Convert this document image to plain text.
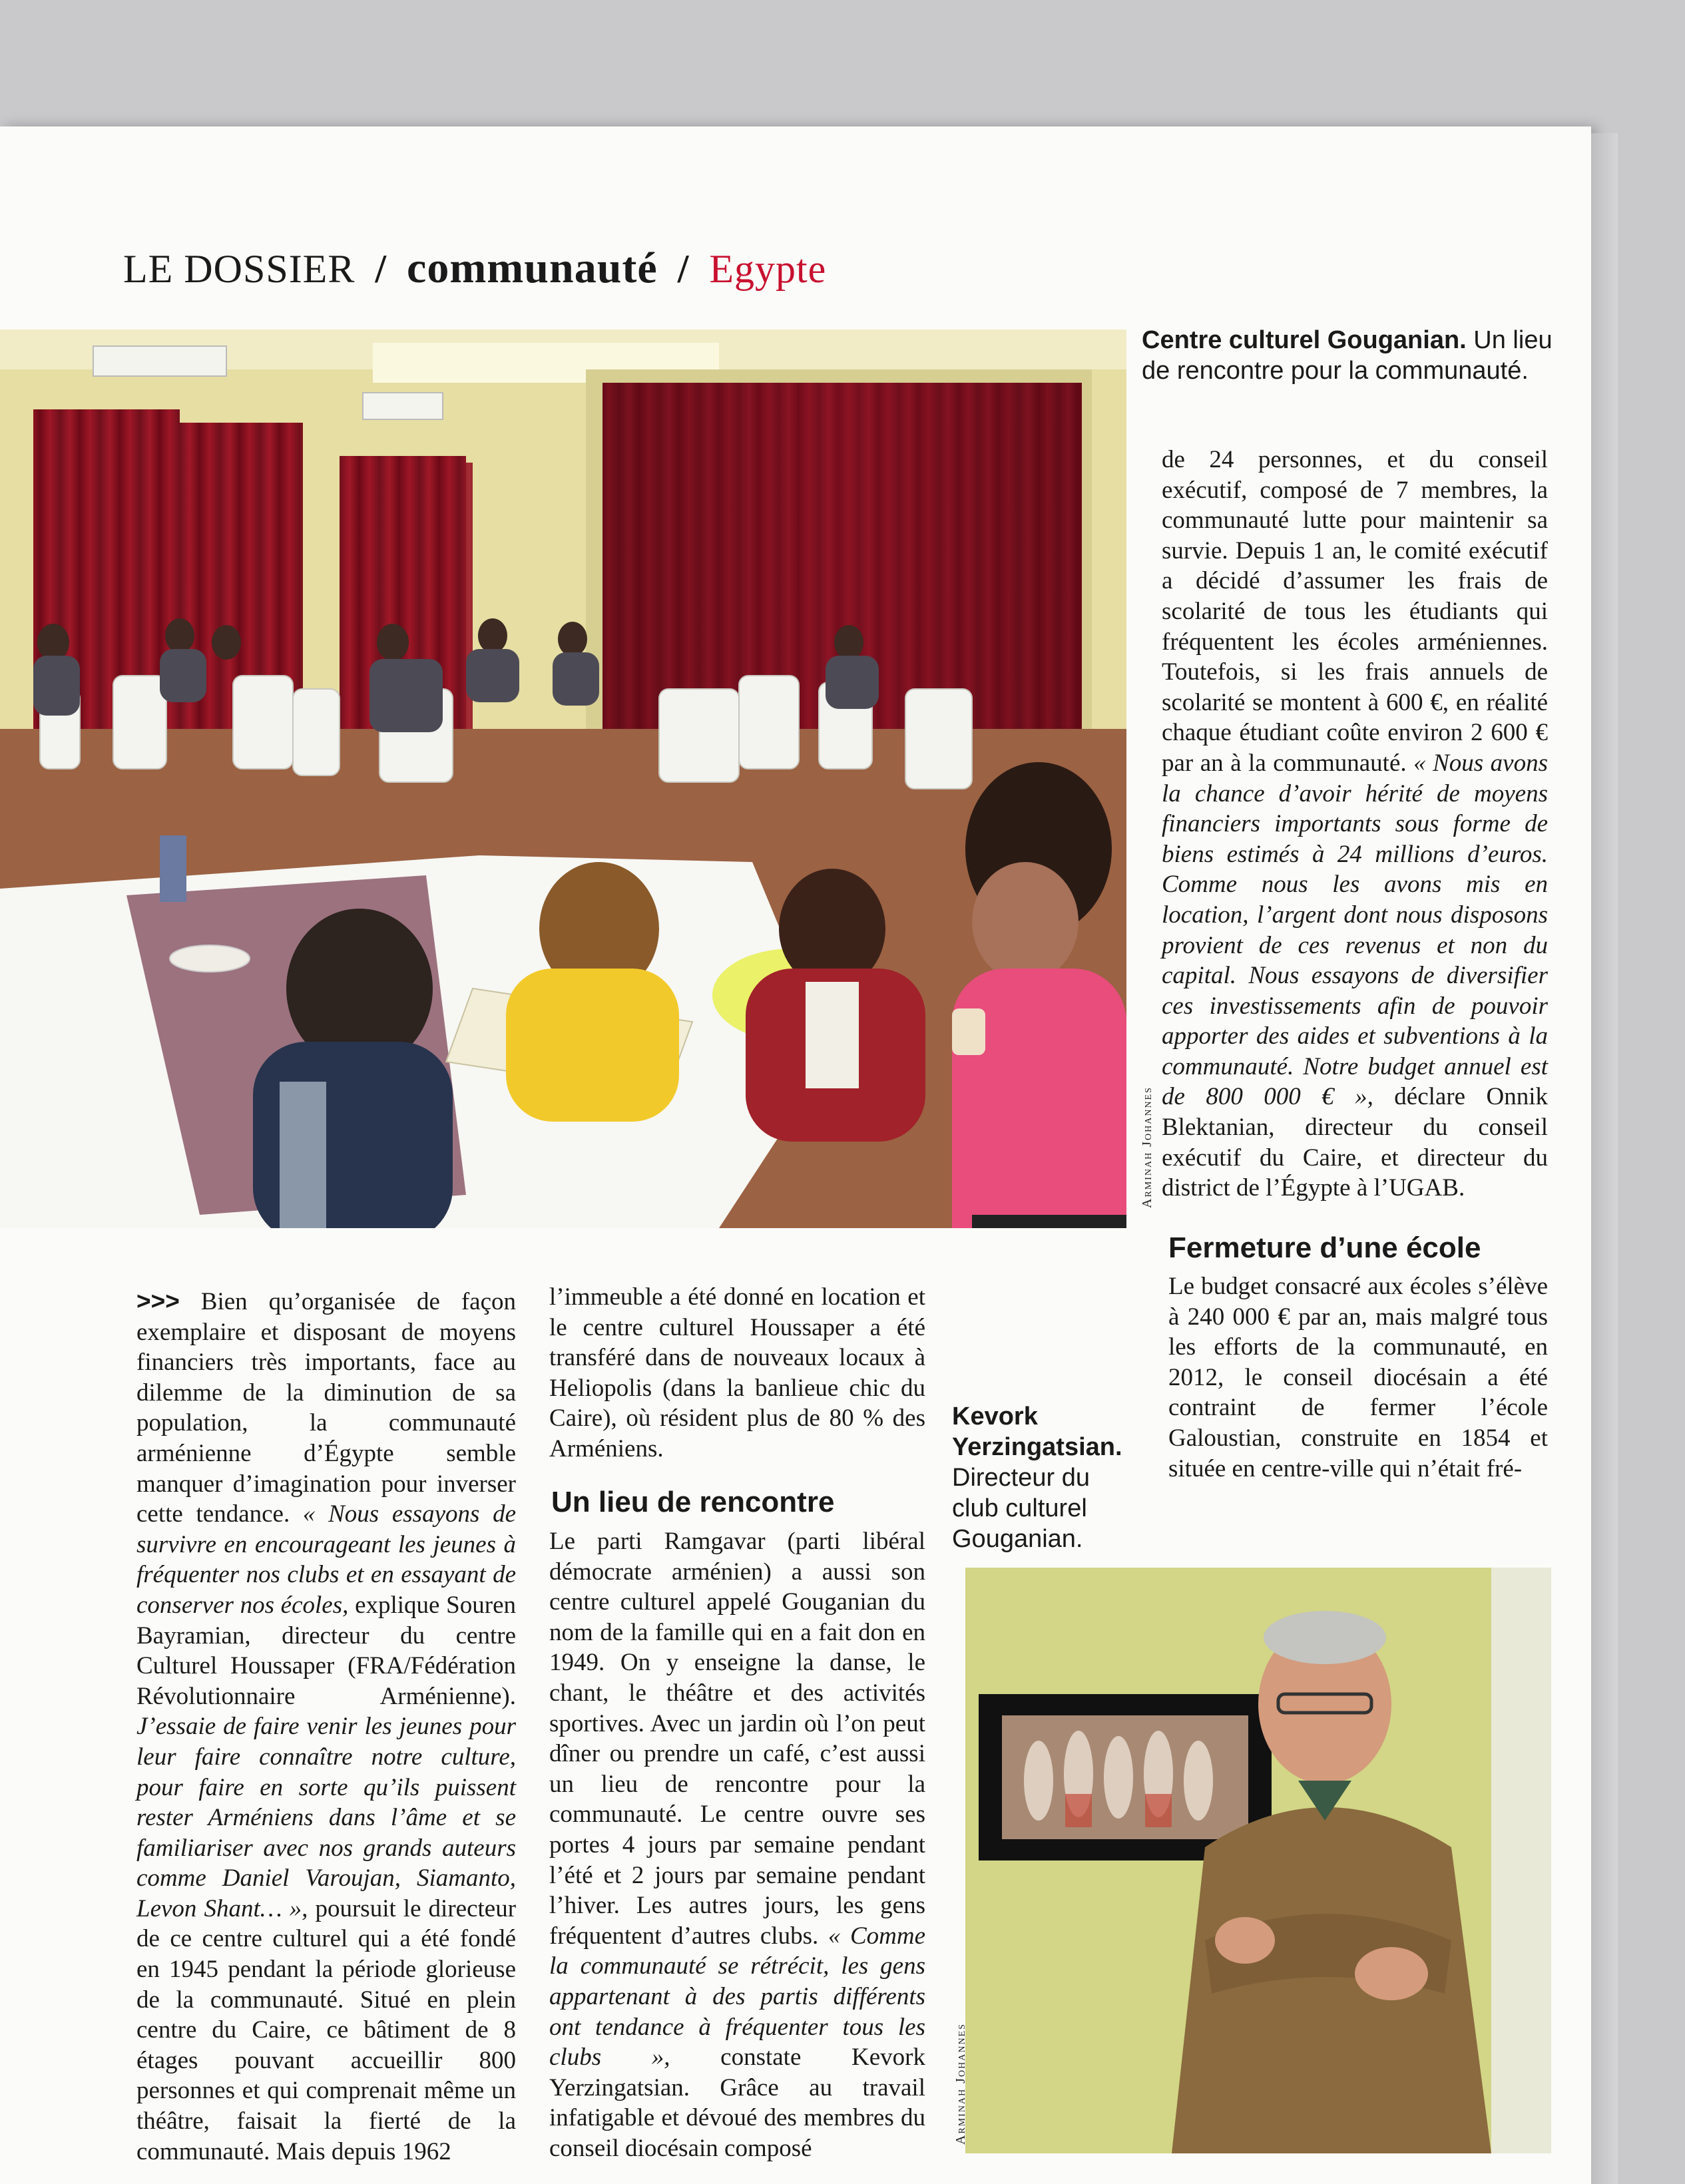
LE DOSSIER / communauté / Egypte
Arminah Johannes
Centre culturel Gouganian. Un lieu de rencontre pour la communauté.

de 24 personnes, et du conseil exécutif, composé de 7 membres, la communauté lutte pour maintenir sa survie. Depuis 1 an, le comité exécutif a décidé d’assumer les frais de scolarité de tous les étudiants qui fréquentent les écoles arméniennes. Toutefois, si les frais annuels de scolarité se montent à 600 €, en réalité chaque étudiant coûte environ 2 600 € par an à la communauté. « Nous avons la chance d’avoir hérité de moyens financiers importants sous forme de biens estimés à 24 millions d’euros. Comme nous les avons mis en location, l’argent dont nous disposons provient de ces revenus et non du capital. Nous essayons de diversifier ces investissements afin de pouvoir apporter des aides et subventions à la communauté. Notre budget annuel est de 800 000 € », déclare Onnik Blektanian, directeur du conseil exécutif du Caire, et directeur du district de l’Égypte à l’UGAB.

Fermeture d’une école

Le budget consacré aux écoles s’élève à 240 000 € par an, mais malgré tous les efforts de la communauté, en 2012, le conseil diocésain a été contraint de fermer l’école Galoustian, construite en 1854 et située en centre-ville qui n’était fré-

>>> Bien qu’organisée de façon exemplaire et disposant de moyens financiers très importants, face au dilemme de la diminution de sa population, la communauté arménienne d’Égypte semble manquer d’imagination pour inverser cette tendance. « Nous essayons de survivre en encourageant les jeunes à fréquenter nos clubs et en essayant de conserver nos écoles, explique Souren Bayramian, directeur du centre Culturel Houssaper (FRA/Fédération Révolutionnaire Arménienne). J’essaie de faire venir les jeunes pour leur faire connaître notre culture, pour faire en sorte qu’ils puissent rester Arméniens dans l’âme et se familiariser avec nos grands auteurs comme Daniel Varoujan, Siamanto, Levon Shant… », poursuit le directeur de ce centre culturel qui a été fondé en 1945 pendant la période glorieuse de la communauté. Situé en plein centre du Caire, ce bâtiment de 8 étages pouvant accueillir 800 personnes et qui comprenait même un théâtre, faisait la fierté de la communauté. Mais depuis 1962

l’immeuble a été donné en location et le centre culturel Houssaper a été transféré dans de nouveaux locaux à Heliopolis (dans la banlieue chic du Caire), où résident plus de 80 % des Arméniens.

Un lieu de rencontre

Le parti Ramgavar (parti libéral démocrate arménien) a aussi son centre culturel appelé Gouganian du nom de la famille qui en a fait don en 1949. On y enseigne la danse, le chant, le théâtre et des activités sportives. Avec un jardin où l’on peut dîner ou prendre un café, c’est aussi un lieu de rencontre pour la communauté. Le centre ouvre ses portes 4 jours par semaine pendant l’été et 2 jours par semaine pendant l’hiver. Les autres jours, les gens fréquentent d’autres clubs. « Comme la communauté se rétrécit, les gens appartenant à des partis différents ont tendance à fréquenter tous les clubs », constate Kevork Yerzingatsian. Grâce au travail infatigable et dévoué des membres du conseil diocésain composé

Kevork Yerzingatsian. Directeur du club culturel Gouganian.
Arminah Johannes
